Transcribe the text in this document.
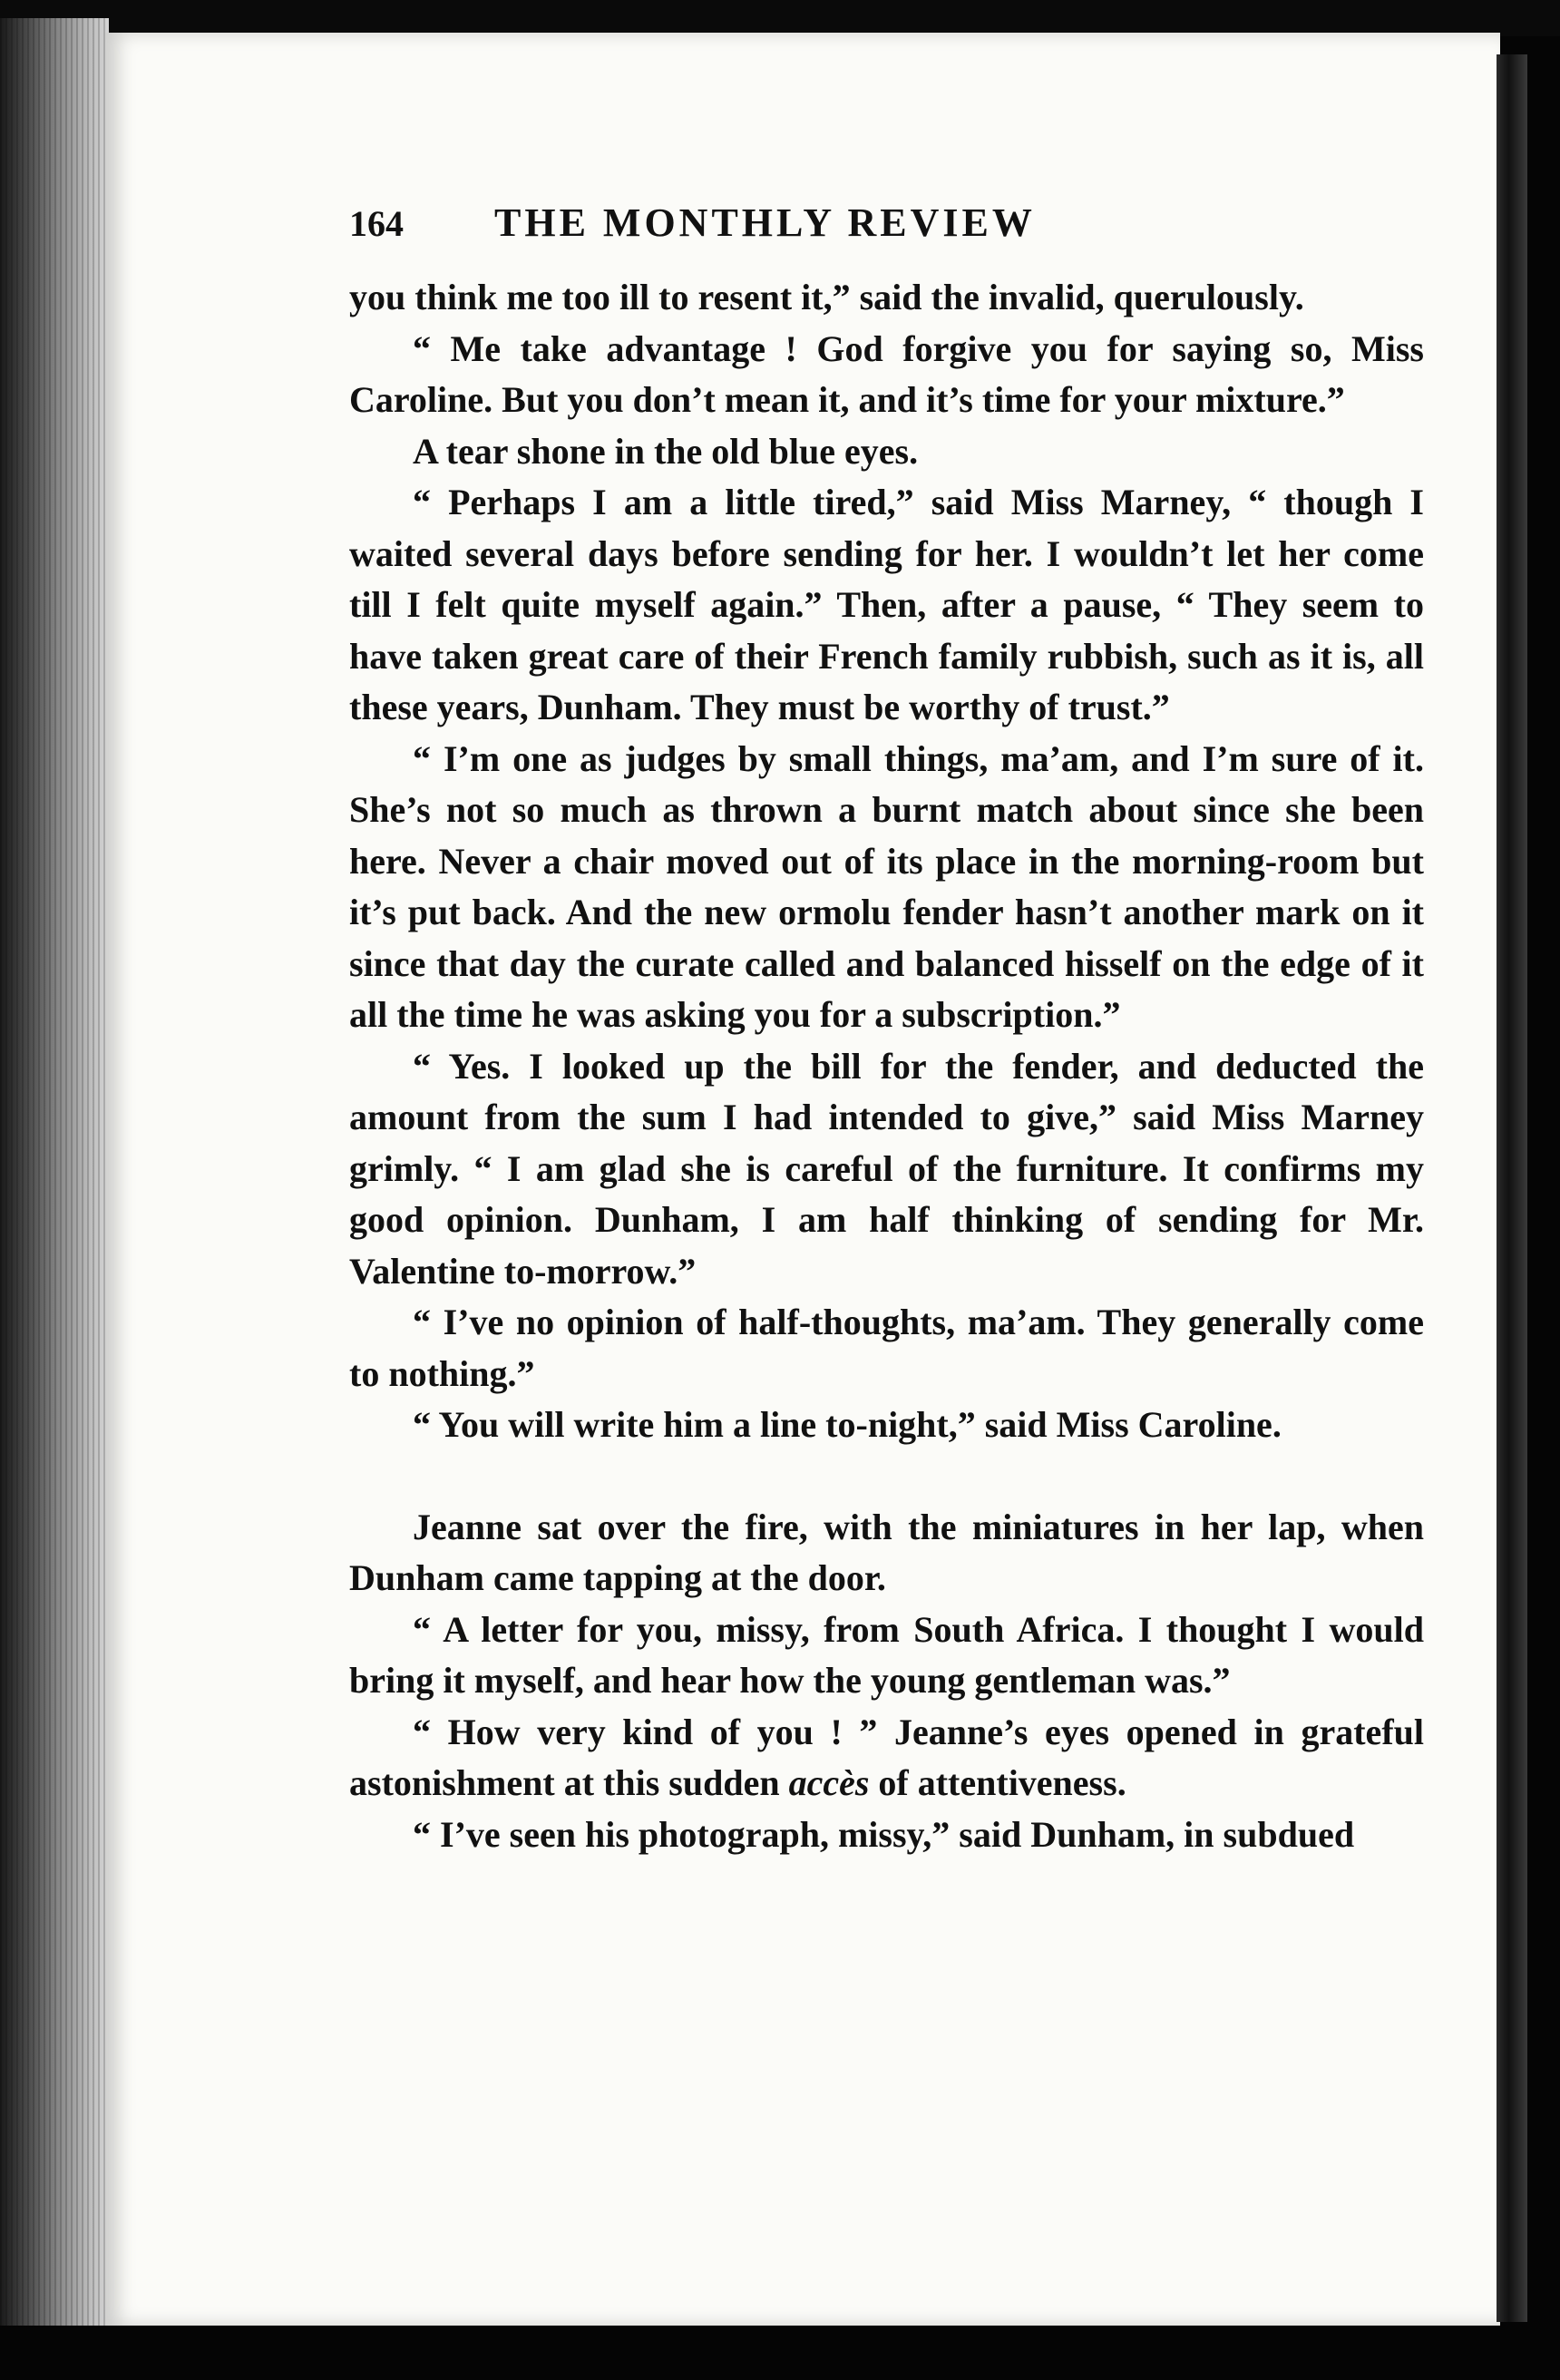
164	THE MONTHLY REVIEW

you think me too ill to resent it,” said the invalid, querulously.

“ Me take advantage ! God forgive you for saying so, Miss Caroline. But you don’t mean it, and it’s time for your mixture.”

A tear shone in the old blue eyes.

“ Perhaps I am a little tired,” said Miss Marney, “ though I waited several days before sending for her. I wouldn’t let her come till I felt quite myself again.” Then, after a pause, “ They seem to have taken great care of their French family rubbish, such as it is, all these years, Dunham. They must be worthy of trust.”

“ I’m one as judges by small things, ma’am, and I’m sure of it. She’s not so much as thrown a burnt match about since she been here. Never a chair moved out of its place in the morning-room but it’s put back. And the new ormolu fender hasn’t another mark on it since that day the curate called and balanced hisself on the edge of it all the time he was asking you for a subscription.”

“ Yes. I looked up the bill for the fender, and deducted the amount from the sum I had intended to give,” said Miss Marney grimly. “ I am glad she is careful of the furniture. It confirms my good opinion. Dunham, I am half thinking of sending for Mr. Valentine to-morrow.”

“ I’ve no opinion of half-thoughts, ma’am. They generally come to nothing.”

“ You will write him a line to-night,” said Miss Caroline.

Jeanne sat over the fire, with the miniatures in her lap, when Dunham came tapping at the door.

“ A letter for you, missy, from South Africa. I thought I would bring it myself, and hear how the young gentleman was.”

“ How very kind of you ! ” Jeanne’s eyes opened in grateful astonishment at this sudden accès of attentiveness.

“ I’ve seen his photograph, missy,” said Dunham, in subdued
